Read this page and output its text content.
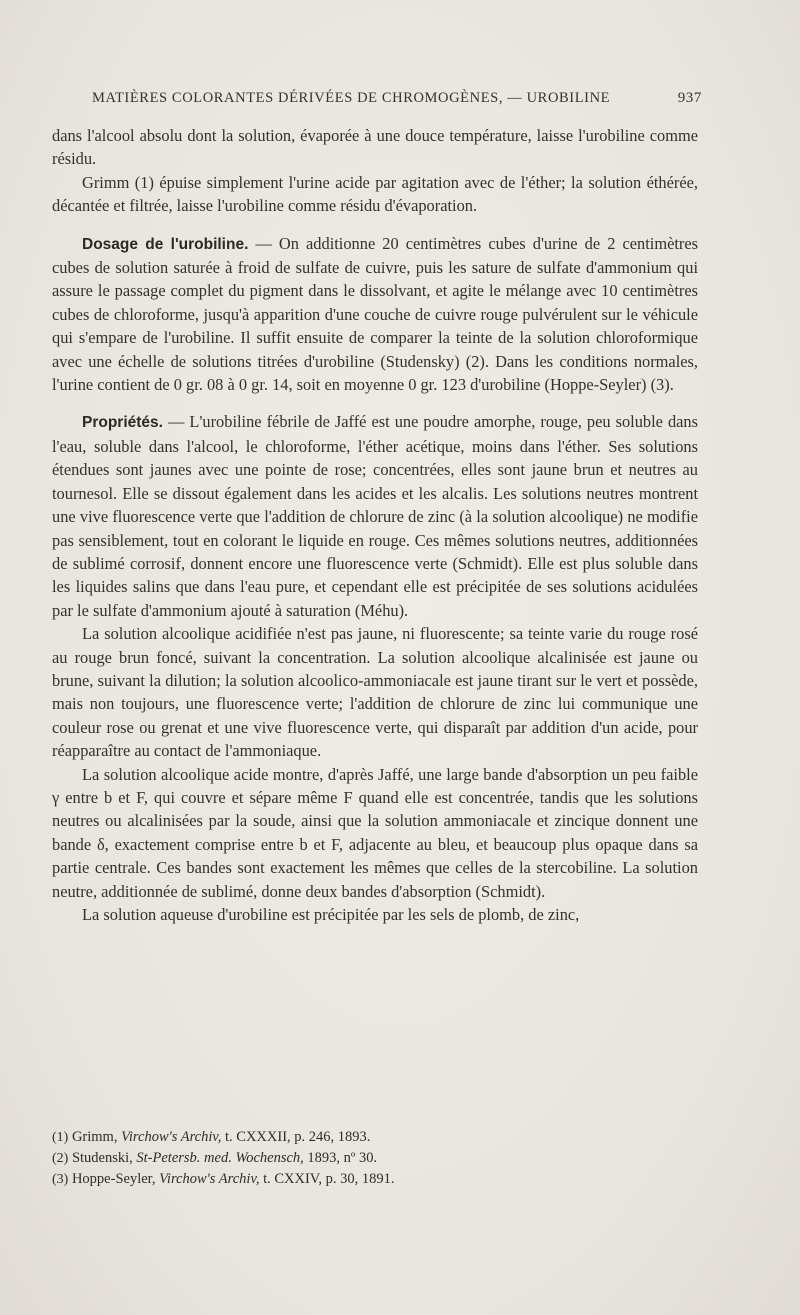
MATIÈRES COLORANTES DÉRIVÉES DE CHROMOGÈNES, — UROBILINE	937

dans l'alcool absolu dont la solution, évaporée à une douce température, laisse l'urobiline comme résidu.

Grimm (1) épuise simplement l'urine acide par agitation avec de l'éther; la solution éthérée, décantée et filtrée, laisse l'urobiline comme résidu d'évaporation.

Dosage de l'urobiline. — On additionne 20 centimètres cubes d'urine de 2 centimètres cubes de solution saturée à froid de sulfate de cuivre, puis les sature de sulfate d'ammonium qui assure le passage complet du pigment dans le dissolvant, et agite le mélange avec 10 centimètres cubes de chloroforme, jusqu'à apparition d'une couche de cuivre rouge pulvérulent sur le véhicule qui s'empare de l'urobiline. Il suffit ensuite de comparer la teinte de la solution chloroformique avec une échelle de solutions titrées d'urobiline (Studensky) (2). Dans les conditions normales, l'urine contient de 0 gr. 08 à 0 gr. 14, soit en moyenne 0 gr. 123 d'urobiline (Hoppe-Seyler) (3).

Propriétés. — L'urobiline fébrile de Jaffé est une poudre amorphe, rouge, peu soluble dans l'eau, soluble dans l'alcool, le chloroforme, l'éther acétique, moins dans l'éther. Ses solutions étendues sont jaunes avec une pointe de rose; concentrées, elles sont jaune brun et neutres au tournesol. Elle se dissout également dans les acides et les alcalis. Les solutions neutres montrent une vive fluorescence verte que l'addition de chlorure de zinc (à la solution alcoolique) ne modifie pas sensiblement, tout en colorant le liquide en rouge. Ces mêmes solutions neutres, additionnées de sublimé corrosif, donnent encore une fluorescence verte (Schmidt). Elle est plus soluble dans les liquides salins que dans l'eau pure, et cependant elle est précipitée de ses solutions acidulées par le sulfate d'ammonium ajouté à saturation (Méhu).

La solution alcoolique acidifiée n'est pas jaune, ni fluorescente; sa teinte varie du rouge rosé au rouge brun foncé, suivant la concentration. La solution alcoolique alcalinisée est jaune ou brune, suivant la dilution; la solution alcoolico-ammoniacale est jaune tirant sur le vert et possède, mais non toujours, une fluorescence verte; l'addition de chlorure de zinc lui communique une couleur rose ou grenat et une vive fluorescence verte, qui disparaît par addition d'un acide, pour réapparaître au contact de l'ammoniaque.

La solution alcoolique acide montre, d'après Jaffé, une large bande d'absorption un peu faible γ entre b et F, qui couvre et sépare même F quand elle est concentrée, tandis que les solutions neutres ou alcalinisées par la soude, ainsi que la solution ammoniacale et zincique donnent une bande δ, exactement comprise entre b et F, adjacente au bleu, et beaucoup plus opaque dans sa partie centrale. Ces bandes sont exactement les mêmes que celles de la stercobiline. La solution neutre, additionnée de sublimé, donne deux bandes d'absorption (Schmidt).

La solution aqueuse d'urobiline est précipitée par les sels de plomb, de zinc,

(1) Grimm, Virchow's Archiv, t. CXXXII, p. 246, 1893.

(2) Studenski, St-Petersb. med. Wochensch, 1893, nº 30.

(3) Hoppe-Seyler, Virchow's Archiv, t. CXXIV, p. 30, 1891.
